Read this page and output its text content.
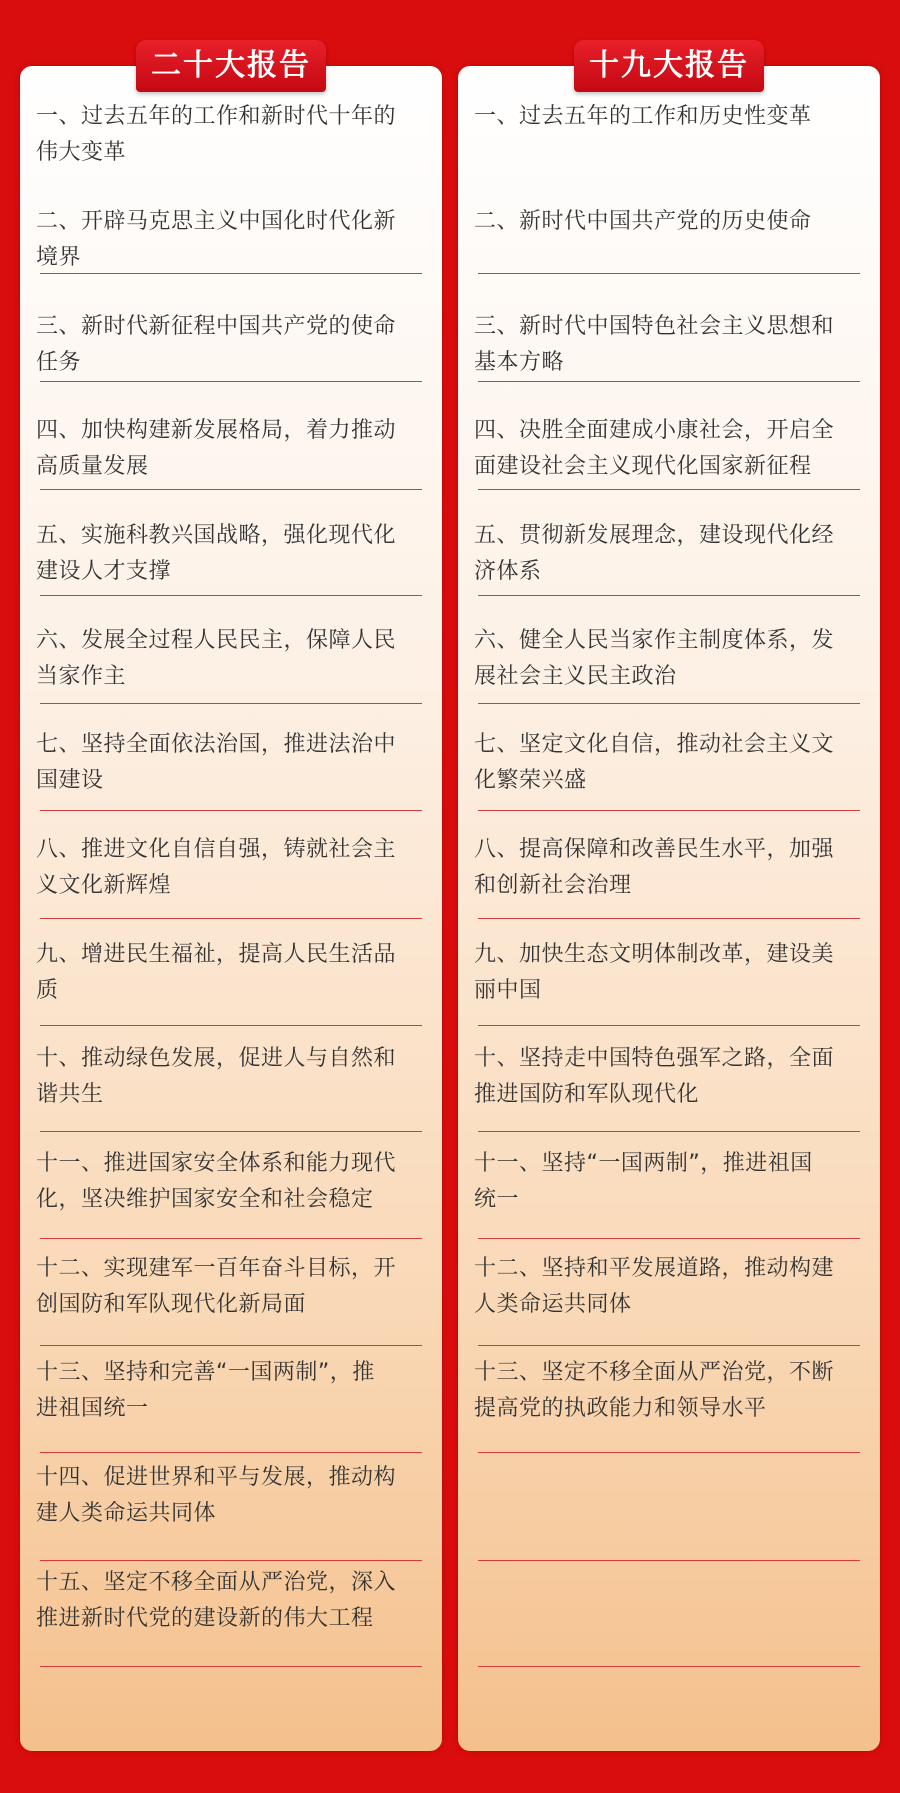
二十大报告
一、过去五年的工作和新时代十年的
伟大变革
二、开辟马克思主义中国化时代化新
境界
三、新时代新征程中国共产党的使命
任务
四、加快构建新发展格局，着力推动
高质量发展
五、实施科教兴国战略，强化现代化
建设人才支撑
六、发展全过程人民民主，保障人民
当家作主
七、坚持全面依法治国，推进法治中
国建设
八、推进文化自信自强，铸就社会主
义文化新辉煌
九、增进民生福祉，提高人民生活品
质
十、推动绿色发展，促进人与自然和
谐共生
十一、推进国家安全体系和能力现代
化，坚决维护国家安全和社会稳定
十二、实现建军一百年奋斗目标，开
创国防和军队现代化新局面
十三、坚持和完善“一国两制”，推
进祖国统一
十四、促进世界和平与发展，推动构
建人类命运共同体
十五、坚定不移全面从严治党，深入
推进新时代党的建设新的伟大工程
十九大报告
一、过去五年的工作和历史性变革
二、新时代中国共产党的历史使命
三、新时代中国特色社会主义思想和
基本方略
四、决胜全面建成小康社会，开启全
面建设社会主义现代化国家新征程
五、贯彻新发展理念，建设现代化经
济体系
六、健全人民当家作主制度体系，发
展社会主义民主政治
七、坚定文化自信，推动社会主义文
化繁荣兴盛
八、提高保障和改善民生水平，加强
和创新社会治理
九、加快生态文明体制改革，建设美
丽中国
十、坚持走中国特色强军之路，全面
推进国防和军队现代化
十一、坚持“一国两制”，推进祖国
统一
十二、坚持和平发展道路，推动构建
人类命运共同体
十三、坚定不移全面从严治党，不断
提高党的执政能力和领导水平
